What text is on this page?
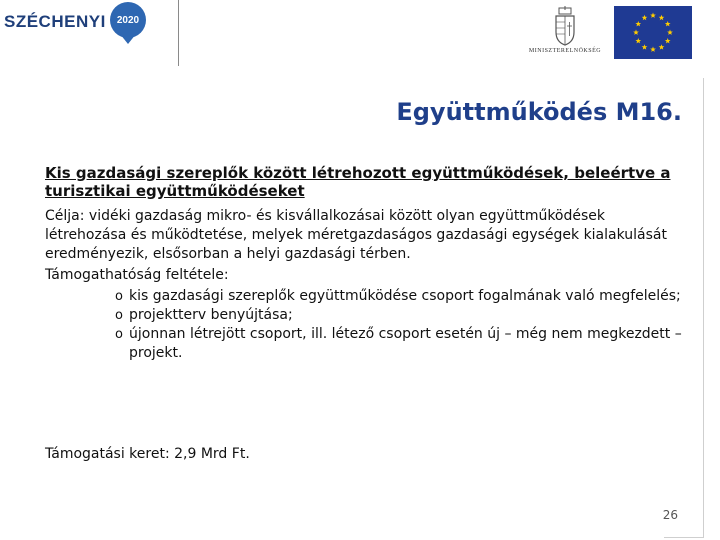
SZÉCHENYI 2020
MINISZTERELNÖKSÉG
Együttműködés M16.
Kis gazdasági szereplők között létrehozott együttműködések, beleértve a turisztikai együttműködéseket
Célja: vidéki gazdaság mikro- és kisvállalkozásai között olyan együttműködések létrehozása és működtetése, melyek méretgazdaságos gazdasági egységek kialakulását eredményezik, elsősorban a helyi gazdasági térben.
Támogathatóság feltétele:
o kis gazdasági szereplők együttműködése csoport fogalmának való megfelelés;
o projektterv benyújtása;
o újonnan létrejött csoport, ill. létező csoport esetén új – még nem megkezdett – projekt.
Támogatási keret: 2,9 Mrd Ft.
26
